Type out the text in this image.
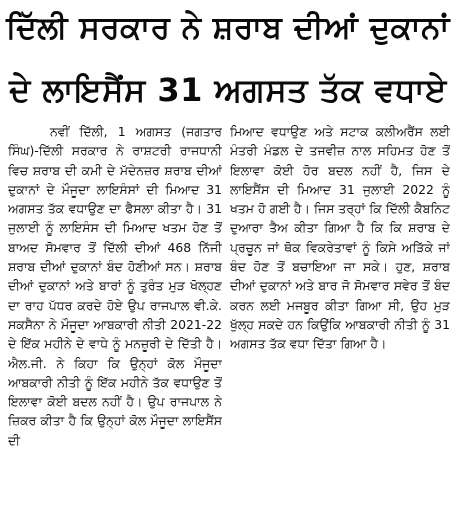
ਦਿੱਲੀ ਸਰਕਾਰ ਨੇ ਸ਼ਰਾਬ ਦੀਆਂ ਦੁਕਾਨਾਂ
ਦੇ ਲਾਇਸੈਂਸ 31 ਅਗਸਤ ਤੱਕ ਵਧਾਏ
ਨਵੀਂ ਦਿੱਲੀ, 1 ਅਗਸਤ (ਜਗਤਾਰ ਸਿੰਘ)-ਦਿੱਲੀ ਸਰਕਾਰ ਨੇ ਰਾਸ਼ਟਰੀ ਰਾਜਧਾਨੀ ਵਿਚ ਸ਼ਰਾਬ ਦੀ ਕਮੀ ਦੇ ਮੱਦੇਨਜ਼ਰ ਸ਼ਰਾਬ ਦੀਆਂ ਦੁਕਾਨਾਂ ਦੇ ਮੌਜੂਦਾ ਲਾਇਸੰਸਾਂ ਦੀ ਮਿਆਦ 31 ਅਗਸਤ ਤੱਕ ਵਧਾਉਣ ਦਾ ਫੈਸਲਾ ਕੀਤਾ ਹੈ। 31 ਜੁਲਾਈ ਨੂੰ ਲਾਇਸੰਸ ਦੀ ਮਿਆਦ ਖਤਮ ਹੋਣ ਤੋਂ ਬਾਅਦ ਸੋਮਵਾਰ ਤੋਂ ਦਿੱਲੀ ਦੀਆਂ 468 ਨਿੱਜੀ ਸ਼ਰਾਬ ਦੀਆਂ ਦੁਕਾਨਾਂ ਬੰਦ ਹੋਣੀਆਂ ਸਨ। ਸ਼ਰਾਬ ਦੀਆਂ ਦੁਕਾਨਾਂ ਅਤੇ ਬਾਰਾਂ ਨੂੰ ਤੁਰੰਤ ਮੁੜ ਖੋਲ੍ਹਣ ਦਾ ਰਾਹ ਪੱਧਰ ਕਰਦੇ ਹੋਏ ਉਪ ਰਾਜਪਾਲ ਵੀ.ਕੇ. ਸਕਸੈਨਾ ਨੇ ਮੌਜੂਦਾ ਆਬਕਾਰੀ ਨੀਤੀ 2021-22 ਦੇ ਇੱਕ ਮਹੀਨੇ ਦੇ ਵਾਧੇ ਨੂੰ ਮਨਜ਼ੂਰੀ ਦੇ ਦਿੱਤੀ ਹੈ। ਐਲ.ਜੀ. ਨੇ ਕਿਹਾ ਕਿ ਉਨ੍ਹਾਂ ਕੋਲ ਮੌਜੂਦਾ ਆਬਕਾਰੀ ਨੀਤੀ ਨੂੰ ਇੱਕ ਮਹੀਨੇ ਤੱਕ ਵਧਾਉਣ ਤੋਂ ਇਲਾਵਾ ਕੋਈ ਬਦਲ ਨਹੀਂ ਹੈ। ਉਪ ਰਾਜਪਾਲ ਨੇ ਜ਼ਿਕਰ ਕੀਤਾ ਹੈ ਕਿ ਉਨ੍ਹਾਂ ਕੋਲ ਮੌਜੂਦਾ ਲਾਇਸੈਂਸ ਦੀ
ਮਿਆਦ ਵਧਾਉਣ ਅਤੇ ਸਟਾਕ ਕਲੀਅਰੈਂਸ ਲਈ ਮੰਤਰੀ ਮੰਡਲ ਦੇ ਤਜਵੀਜ਼ ਨਾਲ ਸਹਿਮਤ ਹੋਣ ਤੋਂ ਇਲਾਵਾ ਕੋਈ ਹੋਰ ਬਦਲ ਨਹੀਂ ਹੈ, ਜਿਸ ਦੇ ਲਾਇਸੈਂਸ ਦੀ ਮਿਆਦ 31 ਜੁਲਾਈ 2022 ਨੂੰ ਖਤਮ ਹੋ ਗਈ ਹੈ। ਜਿਸ ਤਰ੍ਹਾਂ ਕਿ ਦਿੱਲੀ ਕੈਬਨਿਟ ਦੁਆਰਾ ਤੈਅ ਕੀਤਾ ਗਿਆ ਹੈ ਕਿ ਕਿ ਸ਼ਰਾਬ ਦੇ ਪ੍ਰਚੂਨ ਜਾਂ ਥੋਕ ਵਿਕਰੇਤਾਵਾਂ ਨੂੰ ਕਿਸੇ ਅੜਿੱਕੇ ਜਾਂ ਬੰਦ ਹੋਣ ਤੋਂ ਬਚਾਇਆ ਜਾ ਸਕੇ। ਹੁਣ, ਸ਼ਰਾਬ ਦੀਆਂ ਦੁਕਾਨਾਂ ਅਤੇ ਬਾਰ ਜੋ ਸੋਮਵਾਰ ਸਵੇਰ ਤੋਂ ਬੰਦ ਕਰਨ ਲਈ ਮਜਬੂਰ ਕੀਤਾ ਗਿਆ ਸੀ, ਉਹ ਮੁੜ ਖੁੱਲ੍ਹ ਸਕਦੇ ਹਨ ਕਿਉਂਕਿ ਆਬਕਾਰੀ ਨੀਤੀ ਨੂੰ 31 ਅਗਸਤ ਤੱਕ ਵਧਾ ਦਿੱਤਾ ਗਿਆ ਹੈ।
